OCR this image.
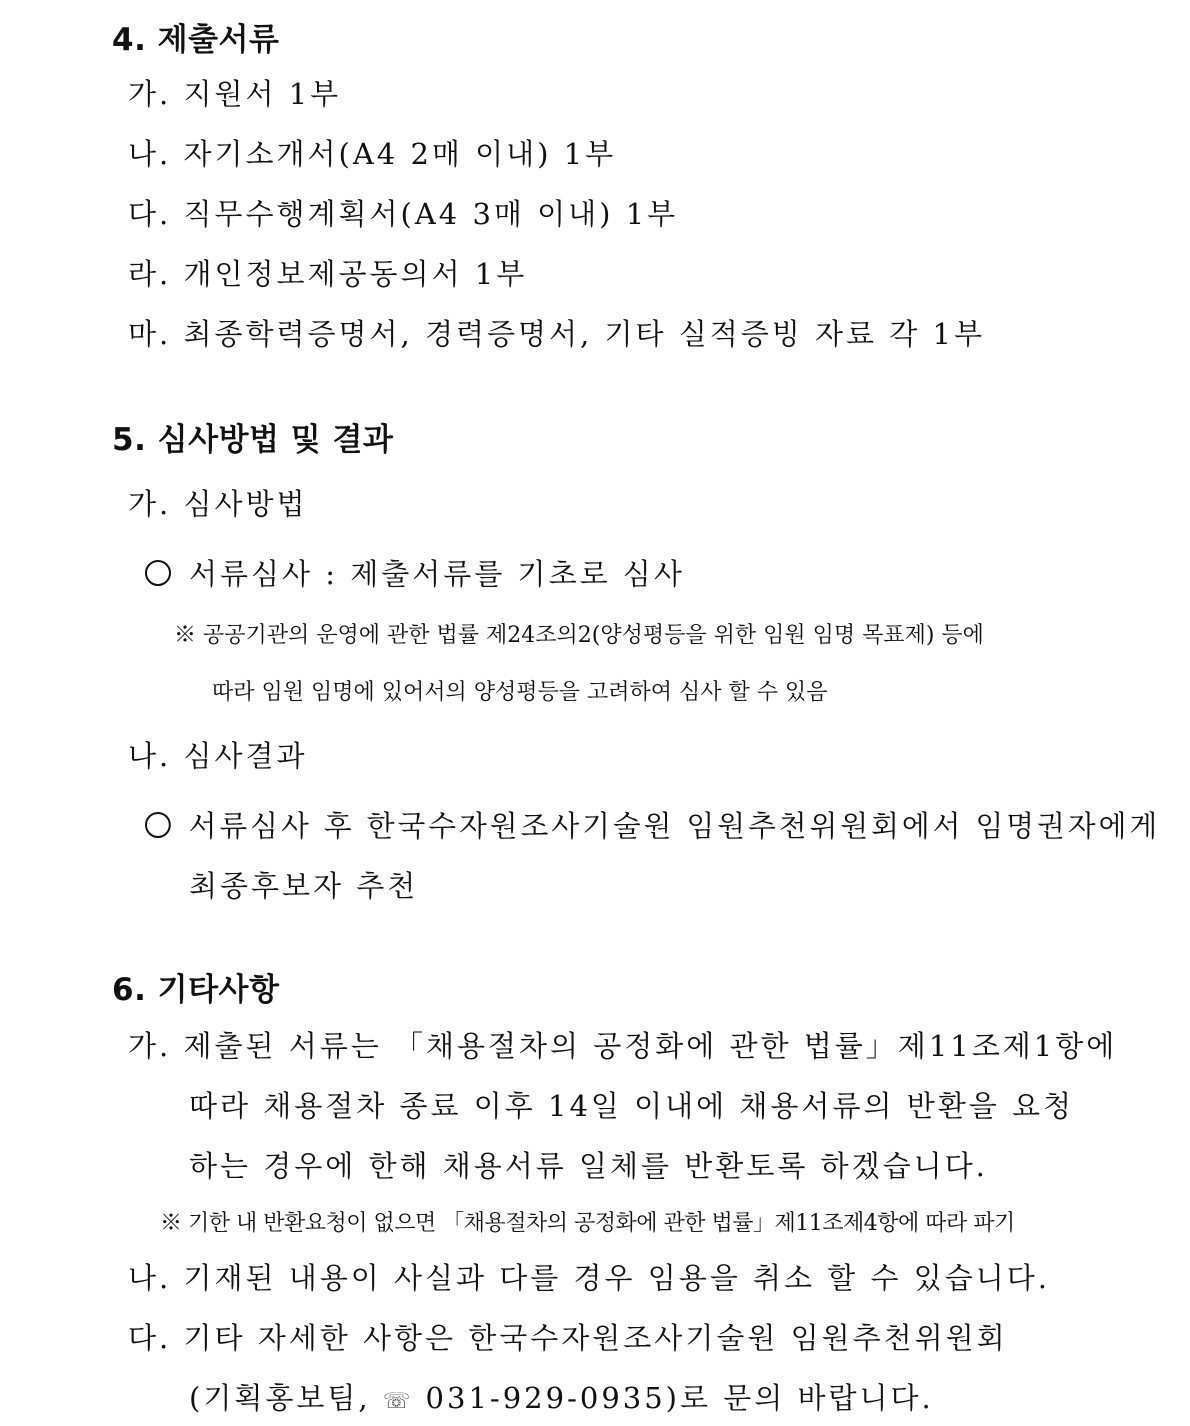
4. 제출서류
가. 지원서 1부
나. 자기소개서(A4 2매 이내) 1부
다. 직무수행계획서(A4 3매 이내) 1부
라. 개인정보제공동의서 1부
마. 최종학력증명서, 경력증명서, 기타 실적증빙 자료 각 1부
5. 심사방법 및 결과
가. 심사방법
서류심사 : 제출서류를 기초로 심사
※ 공공기관의 운영에 관한 법률 제24조의2(양성평등을 위한 임원 임명 목표제) 등에
따라 임원 임명에 있어서의 양성평등을 고려하여 심사 할 수 있음
나. 심사결과
서류심사 후 한국수자원조사기술원 임원추천위원회에서 임명권자에게
최종후보자 추천
6. 기타사항
가. 제출된 서류는 「채용절차의 공정화에 관한 법률」제11조제1항에
따라 채용절차 종료 이후 14일 이내에 채용서류의 반환을 요청
하는 경우에 한해 채용서류 일체를 반환토록 하겠습니다.
※ 기한 내 반환요청이 없으면 「채용절차의 공정화에 관한 법률」제11조제4항에 따라 파기
나. 기재된 내용이 사실과 다를 경우 임용을 취소 할 수 있습니다.
다. 기타 자세한 사항은 한국수자원조사기술원 임원추천위원회
(기획홍보팀, ☏ 031-929-0935)로 문의 바랍니다.
